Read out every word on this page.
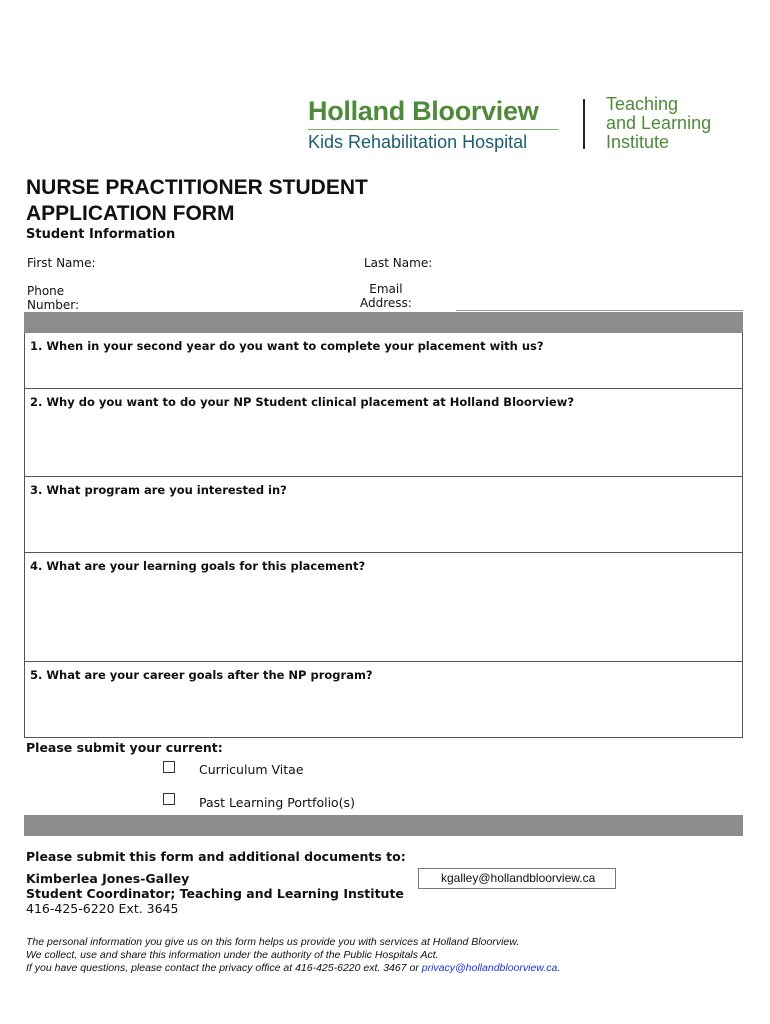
Holland Bloorview
Kids Rehabilitation Hospital
Teaching
and Learning
Institute
NURSE PRACTITIONER STUDENT
APPLICATION FORM
Student Information
First Name:	Last Name:
Phone
Number:
Email
Address:
1. When in your second year do you want to complete your placement with us?
2. Why do you want to do your NP Student clinical placement at Holland Bloorview?
3. What program are you interested in?
4. What are your learning goals for this placement?
5. What are your career goals after the NP program?
Please submit your current:
Curriculum Vitae
Past Learning Portfolio(s)
Please submit this form and additional documents to:
Kimberlea Jones-Galley
Student Coordinator; Teaching and Learning Institute
416-425-6220 Ext. 3645
kgalley@hollandbloorview.ca
The personal information you give us on this form helps us provide you with services at Holland Bloorview.
We collect, use and share this information under the authority of the Public Hospitals Act.
If you have questions, please contact the privacy office at 416-425-6220 ext. 3467 or privacy@hollandbloorview.ca.
